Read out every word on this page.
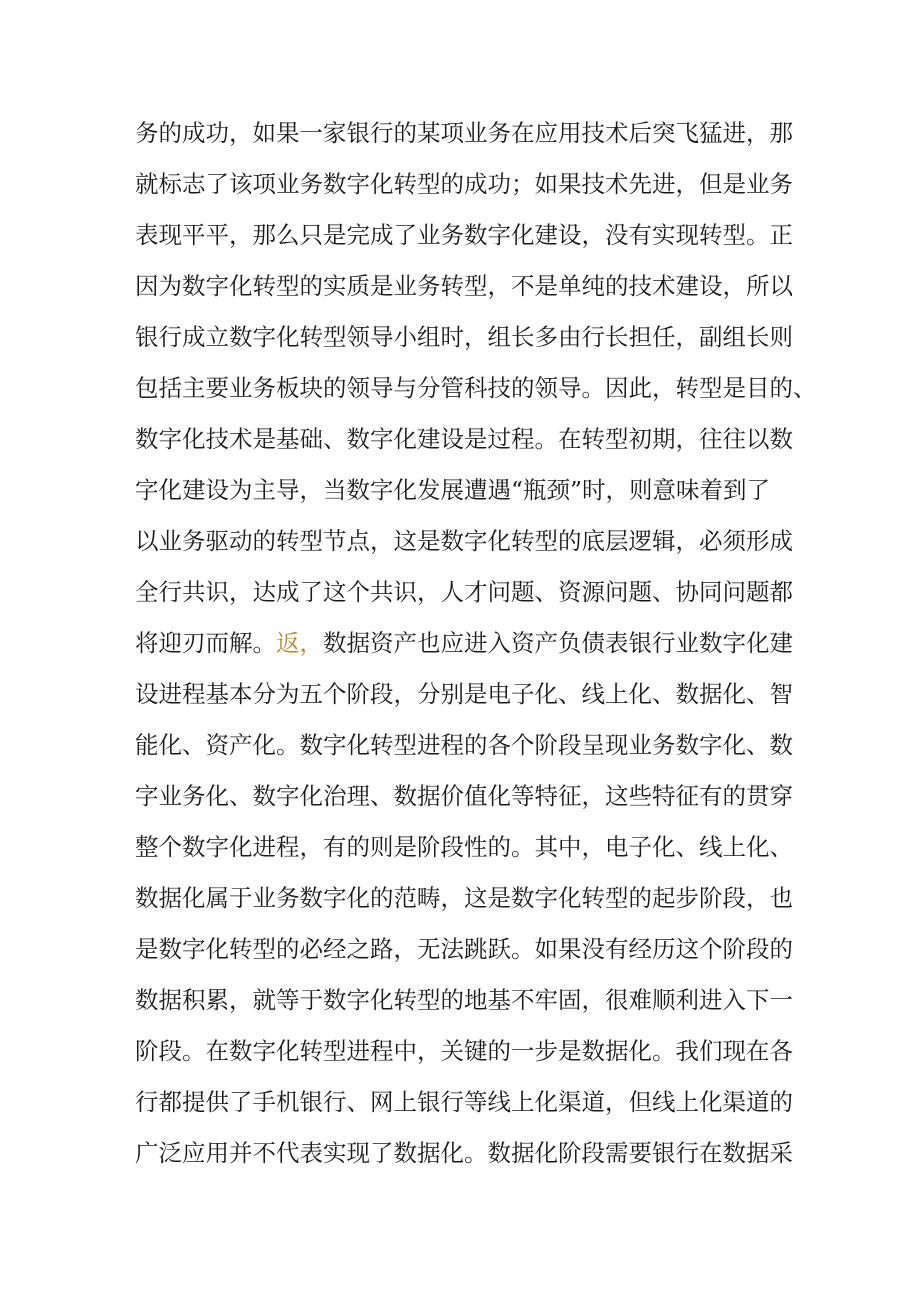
务的成功，如果一家银行的某项业务在应用技术后突飞猛进，那
就标志了该项业务数字化转型的成功；如果技术先进，但是业务
表现平平，那么只是完成了业务数字化建设，没有实现转型。正
因为数字化转型的实质是业务转型，不是单纯的技术建设，所以
银行成立数字化转型领导小组时，组长多由行长担任，副组长则
包括主要业务板块的领导与分管科技的领导。因此，转型是目的、
数字化技术是基础、数字化建设是过程。在转型初期，往往以数
字化建设为主导，当数字化发展遭遇“瓶颈”时，则意味着到了
以业务驱动的转型节点，这是数字化转型的底层逻辑，必须形成
全行共识，达成了这个共识，人才问题、资源问题、协同问题都
将迎刃而解。返，数据资产也应进入资产负债表银行业数字化建
设进程基本分为五个阶段，分别是电子化、线上化、数据化、智
能化、资产化。数字化转型进程的各个阶段呈现业务数字化、数
字业务化、数字化治理、数据价值化等特征，这些特征有的贯穿
整个数字化进程，有的则是阶段性的。其中，电子化、线上化、
数据化属于业务数字化的范畴，这是数字化转型的起步阶段，也
是数字化转型的必经之路，无法跳跃。如果没有经历这个阶段的
数据积累，就等于数字化转型的地基不牢固，很难顺利进入下一
阶段。在数字化转型进程中，关键的一步是数据化。我们现在各
行都提供了手机银行、网上银行等线上化渠道，但线上化渠道的
广泛应用并不代表实现了数据化。数据化阶段需要银行在数据采
